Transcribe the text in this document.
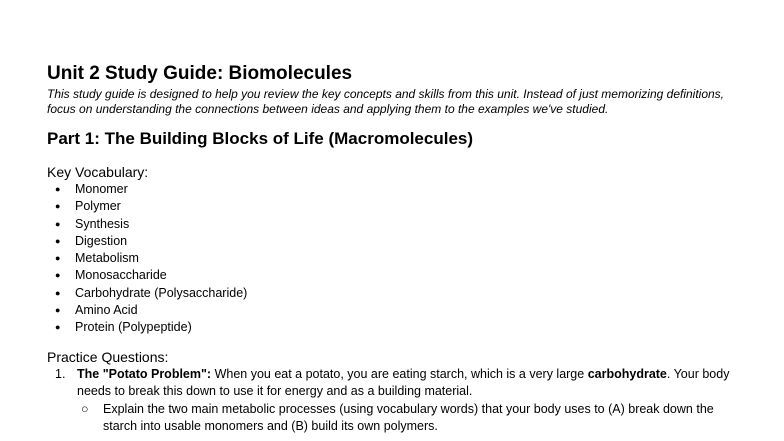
Unit 2 Study Guide: Biomolecules

This study guide is designed to help you review the key concepts and skills from this unit. Instead of just memorizing definitions, focus on understanding the connections between ideas and applying them to the examples we've studied.

Part 1: The Building Blocks of Life (Macromolecules)
Key Vocabulary:
● Monomer
● Polymer
● Synthesis
● Digestion
● Metabolism
● Monosaccharide
● Carbohydrate (Polysaccharide)
● Amino Acid
● Protein (Polypeptide)
Practice Questions:
1. The "Potato Problem": When you eat a potato, you are eating starch, which is a very large carbohydrate. Your body needs to break this down to use it for energy and as a building material.
○ Explain the two main metabolic processes (using vocabulary words) that your body uses to (A) break down the starch into usable monomers and (B) build its own polymers.
